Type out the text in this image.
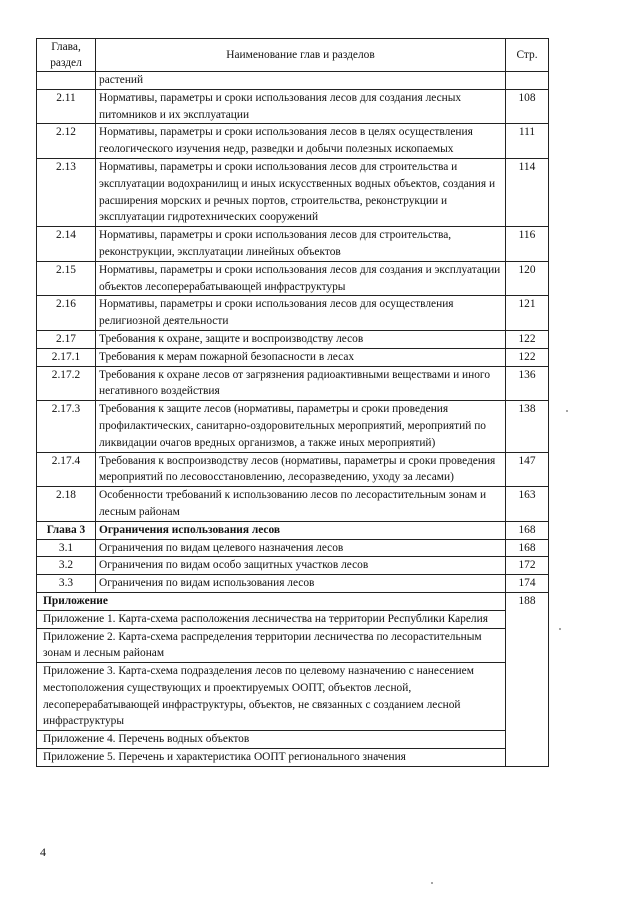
Глава, раздел	Наименование глав и разделов	Стр.
	растений	
2.11	Нормативы, параметры и сроки использования лесов для создания лесных питомников и их эксплуатации	108
2.12	Нормативы, параметры и сроки использования лесов в целях осуществления геологического изучения недр, разведки и добычи полезных ископаемых	111
2.13	Нормативы, параметры и сроки использования лесов для строительства и эксплуатации водохранилищ и иных искусственных водных объектов, создания и расширения морских и речных портов, строительства, реконструкции и эксплуатации гидротехнических сооружений	114
2.14	Нормативы, параметры и сроки использования лесов для строительства, реконструкции, эксплуатации линейных объектов	116
2.15	Нормативы, параметры и сроки использования лесов для создания и эксплуатации объектов лесоперерабатывающей инфраструктуры	120
2.16	Нормативы, параметры и сроки использования лесов для осуществления религиозной деятельности	121
2.17	Требования к охране, защите и воспроизводству лесов	122
2.17.1	Требования к мерам пожарной безопасности в лесах	122
2.17.2	Требования к охране лесов от загрязнения радиоактивными веществами и иного негативного воздействия	136
2.17.3	Требования к защите лесов (нормативы, параметры и сроки проведения профилактических, санитарно-оздоровительных мероприятий, мероприятий по ликвидации очагов вредных организмов, а также иных мероприятий)	138
2.17.4	Требования к воспроизводству лесов (нормативы, параметры и сроки проведения мероприятий по лесовосстановлению, лесоразведению, уходу за лесами)	147
2.18	Особенности требований к использованию лесов по лесорастительным зонам и лесным районам	163
Глава 3	Ограничения использования лесов	168
3.1	Ограничения по видам целевого назначения лесов	168
3.2	Ограничения по видам особо защитных участков лесов	172
3.3	Ограничения по видам использования лесов	174
Приложение		188
Приложение 1. Карта-схема расположения лесничества на территории Республики Карелия		
Приложение 2. Карта-схема распределения территории лесничества по лесорастительным зонам и лесным районам		
Приложение 3. Карта-схема подразделения лесов по целевому назначению с нанесением местоположения существующих и проектируемых ООПТ, объектов лесной, лесоперерабатывающей инфраструктуры, объектов, не связанных с созданием лесной инфраструктуры		
Приложение 4. Перечень водных объектов		
Приложение 5. Перечень и характеристика ООПТ регионального значения		
4
